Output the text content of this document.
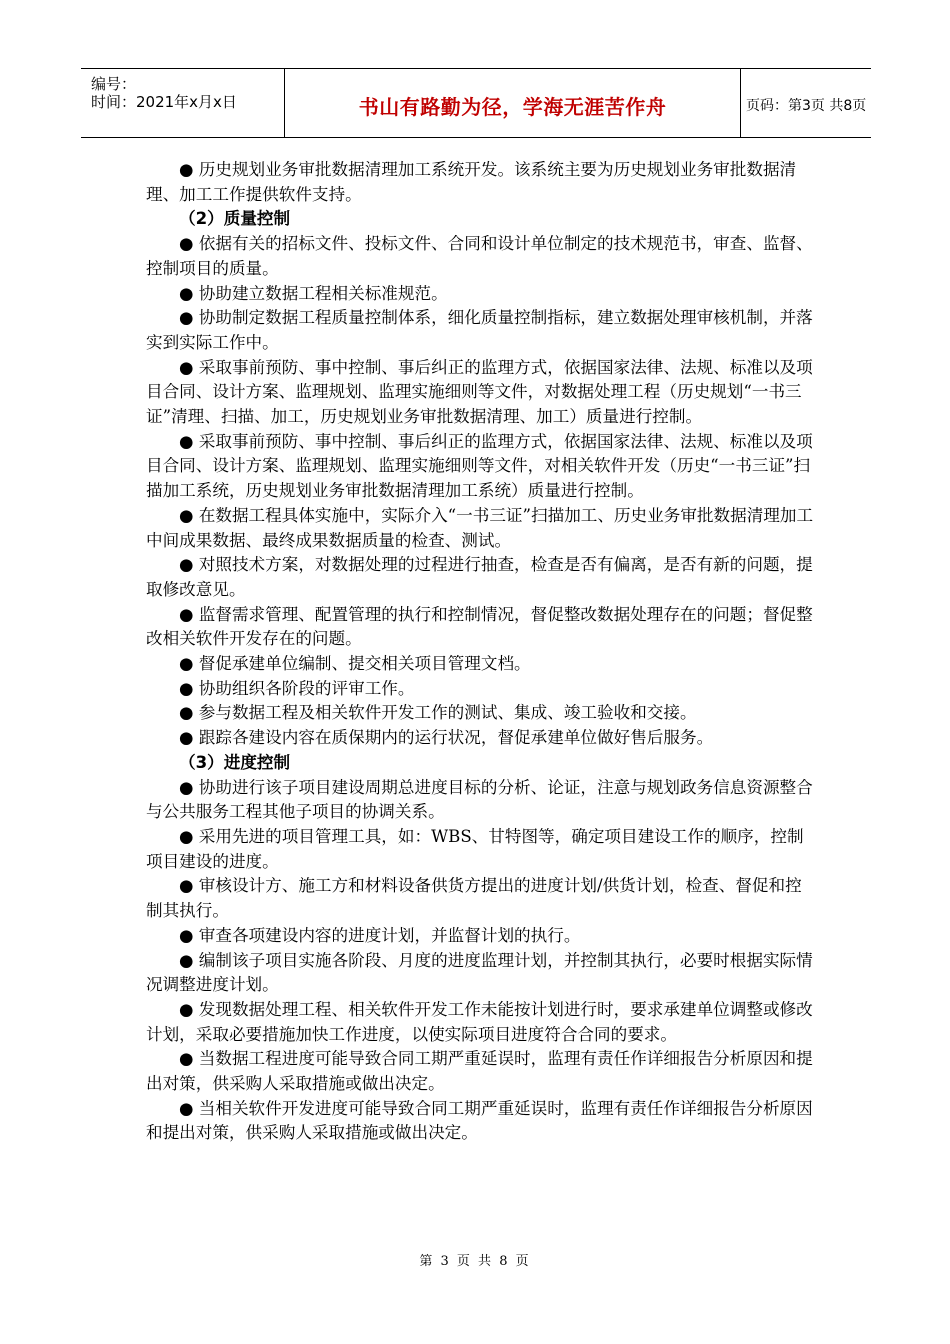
编号：
时间：2021年x月x日	书山有路勤为径，学海无涯苦作舟	页码：第3页 共8页

● 历史规划业务审批数据清理加工系统开发。该系统主要为历史规划业务审批数据清理、加工工作提供软件支持。

（2）质量控制

● 依据有关的招标文件、投标文件、合同和设计单位制定的技术规范书，审查、监督、控制项目的质量。

● 协助建立数据工程相关标准规范。

● 协助制定数据工程质量控制体系，细化质量控制指标，建立数据处理审核机制，并落实到实际工作中。

● 采取事前预防、事中控制、事后纠正的监理方式，依据国家法律、法规、标准以及项目合同、设计方案、监理规划、监理实施细则等文件，对数据处理工程（历史规划“一书三证”清理、扫描、加工，历史规划业务审批数据清理、加工）质量进行控制。

● 采取事前预防、事中控制、事后纠正的监理方式，依据国家法律、法规、标准以及项目合同、设计方案、监理规划、监理实施细则等文件，对相关软件开发（历史“一书三证”扫描加工系统，历史规划业务审批数据清理加工系统）质量进行控制。

● 在数据工程具体实施中，实际介入“一书三证”扫描加工、历史业务审批数据清理加工中间成果数据、最终成果数据质量的检查、测试。

● 对照技术方案，对数据处理的过程进行抽查，检查是否有偏离，是否有新的问题，提取修改意见。

● 监督需求管理、配置管理的执行和控制情况，督促整改数据处理存在的问题；督促整改相关软件开发存在的问题。

● 督促承建单位编制、提交相关项目管理文档。

● 协助组织各阶段的评审工作。

● 参与数据工程及相关软件开发工作的测试、集成、竣工验收和交接。

● 跟踪各建设内容在质保期内的运行状况，督促承建单位做好售后服务。

（3）进度控制

● 协助进行该子项目建设周期总进度目标的分析、论证，注意与规划政务信息资源整合与公共服务工程其他子项目的协调关系。

● 采用先进的项目管理工具，如：WBS、甘特图等，确定项目建设工作的顺序，控制项目建设的进度。

● 审核设计方、施工方和材料设备供货方提出的进度计划/供货计划，检查、督促和控制其执行。

● 审查各项建设内容的进度计划，并监督计划的执行。

● 编制该子项目实施各阶段、月度的进度监理计划，并控制其执行，必要时根据实际情况调整进度计划。

● 发现数据处理工程、相关软件开发工作未能按计划进行时，要求承建单位调整或修改计划，采取必要措施加快工作进度，以使实际项目进度符合合同的要求。

● 当数据工程进度可能导致合同工期严重延误时，监理有责任作详细报告分析原因和提出对策，供采购人采取措施或做出决定。

● 当相关软件开发进度可能导致合同工期严重延误时，监理有责任作详细报告分析原因和提出对策，供采购人采取措施或做出决定。

第 3 页 共 8 页
